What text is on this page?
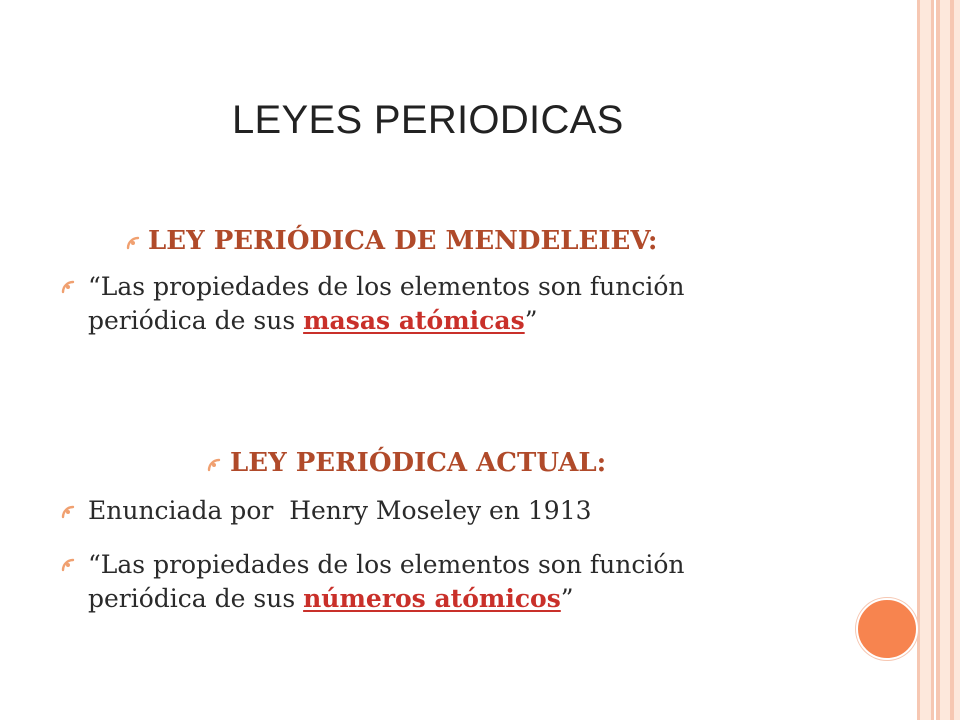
LEYES PERIODICAS
LEY PERIÓDICA DE MENDELEIEV:
“Las propiedades de los elementos son función
periódica de sus masas atómicas”
LEY PERIÓDICA ACTUAL:
Enunciada por  Henry Moseley en 1913
“Las propiedades de los elementos son función
periódica de sus números atómicos”
